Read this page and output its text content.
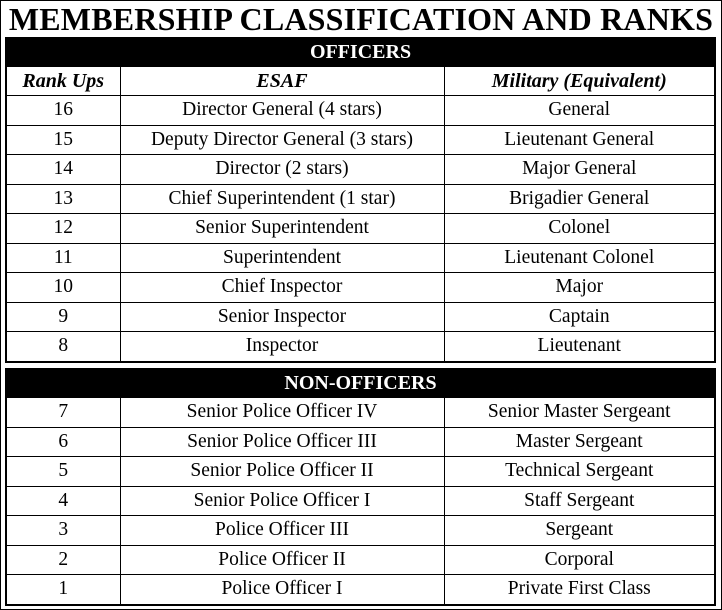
MEMBERSHIP CLASSIFICATION AND RANKS
OFFICERS		
Rank Ups	ESAF	Military (Equivalent)
16	Director General (4 stars)	General
15	Deputy Director General (3 stars)	Lieutenant General
14	Director (2 stars)	Major General
13	Chief Superintendent (1 star)	Brigadier General
12	Senior Superintendent	Colonel
11	Superintendent	Lieutenant Colonel
10	Chief Inspector	Major
9	Senior Inspector	Captain
8	Inspector	Lieutenant
NON-OFFICERS		
7	Senior Police Officer IV	Senior Master Sergeant
6	Senior Police Officer III	Master Sergeant
5	Senior Police Officer II	Technical Sergeant
4	Senior Police Officer I	Staff Sergeant
3	Police Officer III	Sergeant
2	Police Officer II	Corporal
1	Police Officer I	Private First Class
